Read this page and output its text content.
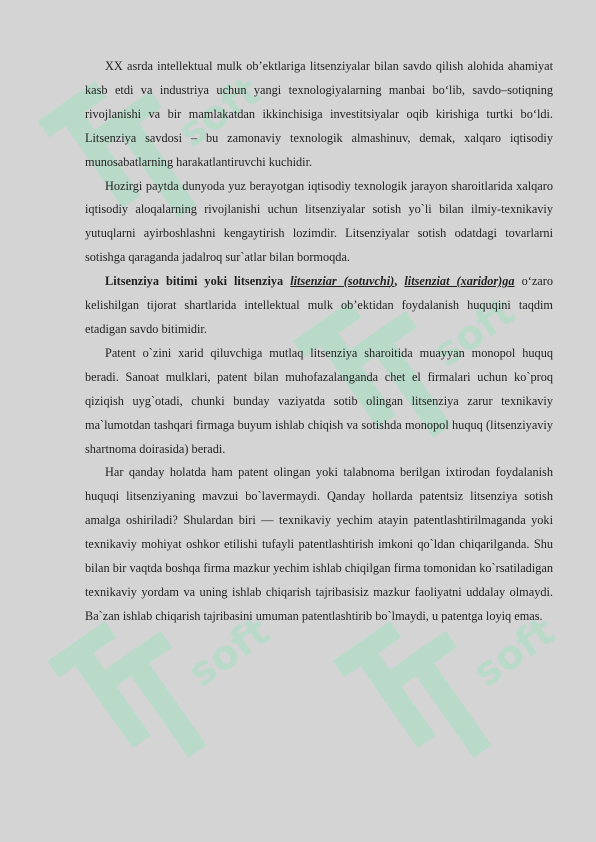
soft
soft
soft	soft

XX asrda intellektual mulk ob’ektlariga litsenziyalar bilan savdo qilish alohida ahamiyat kasb etdi va industriya uchun yangi texnologiyalarning manbai bo‘lib, savdo–sotiqning rivojlanishi va bir mamlakatdan ikkinchisiga investitsiyalar oqib kirishiga turtki bo‘ldi. Litsenziya savdosi – bu zamonaviy texnologik almashinuv, demak, xalqaro iqtisodiy munosabatlarning harakatlantiruvchi kuchidir.

Hozirgi paytda dunyoda yuz berayotgan iqtisodiy texnologik jarayon sharoitlarida xalqaro iqtisodiy aloqalarning rivojlanishi uchun litsenziyalar sotish yo`li bilan ilmiy-texnikaviy yutuqlarni ayirboshlashni kengaytirish lozimdir. Litsenziyalar sotish odatdagi tovarlarni sotishga qaraganda jadalroq sur`atlar bilan bormoqda.

Litsenziya bitimi yoki litsenziya litsenziar (sotuvchi), litsenziat (xaridor)ga o‘zaro kelishilgan tijorat shartlarida intellektual mulk ob’ektidan foydalanish huquqini taqdim etadigan savdo bitimidir.

Patent o`zini xarid qiluvchiga mutlaq litsenziya sharoitida muayyan monopol huquq beradi. Sanoat mulklari, patent bilan muhofazalanganda chet el firmalari uchun ko`proq qiziqish uyg`otadi, chunki bunday vaziyatda sotib olingan litsenziya zarur texnikaviy ma`lumotdan tashqari firmaga buyum ishlab chiqish va sotishda monopol huquq (litsenziyaviy shartnoma doirasida) beradi.

Har qanday holatda ham patent olingan yoki talabnoma berilgan ixtirodan foydalanish huquqi litsenziyaning mavzui bo`lavermaydi. Qanday hollarda patentsiz litsenziya sotish amalga oshiriladi? Shulardan biri –– texnikaviy yechim atayin patentlashtirilmaganda yoki texnikaviy mohiyat oshkor etilishi tufayli patentlashtirish imkoni qo`ldan chiqarilganda. Shu bilan bir vaqtda boshqa firma mazkur yechim ishlab chiqilgan firma tomonidan ko`rsatiladigan texnikaviy yordam va uning ishlab chiqarish tajribasisiz mazkur faoliyatni uddalay olmaydi. Ba`zan ishlab chiqarish tajribasini umuman patentlashtirib bo`lmaydi, u patentga loyiq emas.
